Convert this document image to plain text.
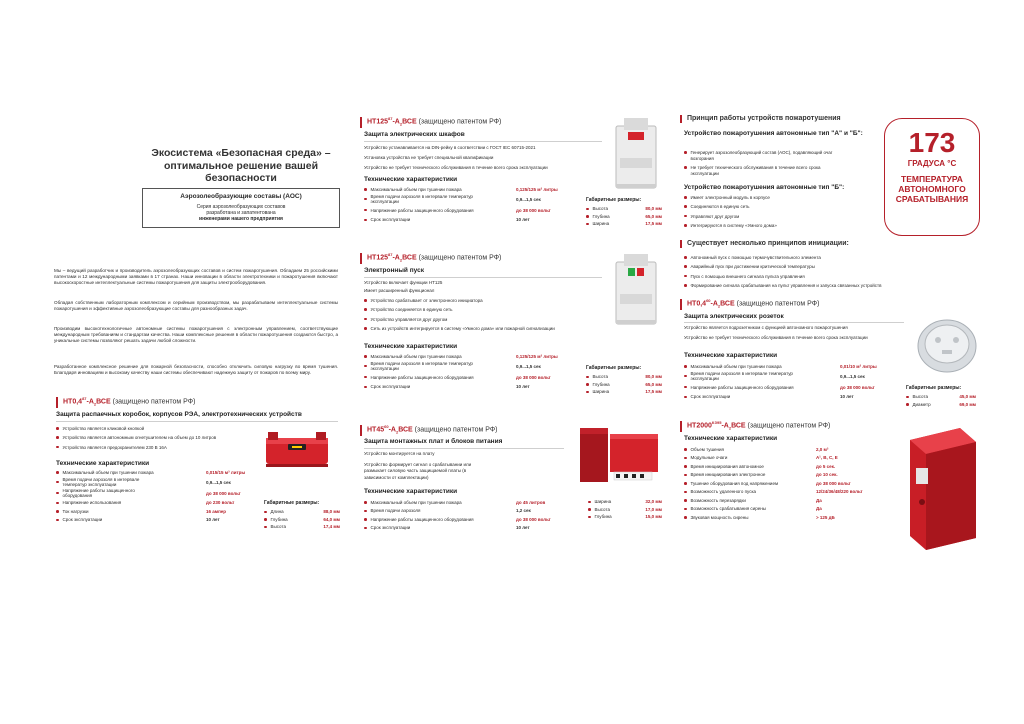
Экосистема «Безопасная среда» – оптимальное решение вашей безопасности
Аэрозолеобразующие составы (АОС)
Серия аэрозолеобразующих составов
разработана и запатентована
инженерами нашего предприятия
Мы – ведущий разработчик и производитель аэрозолеобразующих составов и систем пожаротушения. Обладаем 25 российскими патентами и 12 международными заявками в 17 странах. Наши инновации в области электротехники и пожаротушения включают высокоскоростные интеллектуальные системы пожаротушения для защиты электрооборудования.
Обладая собственным лабораторным комплексом и серийным производством, мы разрабатываем интеллектуальные системы пожаротушения и эффективные аэрозолеобразующие составы для разнообразных задач.
Производим высокотехнологичные автономные системы пожаротушения с электронным управлением, соответствующие международным требованиям и стандартам качества. Наши комплексные решения в области пожаротушения создаются быстро, а уникальные системы позволяют решать задачи любой сложности.
Разработанное комплексное решение для пожарной безопасности, способно отключить силовую нагрузку во время тушения. Благодаря инновациям и высокому качеству наши системы обеспечивают надежную защиту от пожаров по всему миру.
$НТ0,4^{87}-А_2ВСЕ$ (защищено патентом РФ)
Защита распаечных коробок, корпусов РЭА, электротехнических устройств
Устройство является кликовой кнопкой
Устройство является автономным огнетушителем на объем до 10 литров
Устройство является предохранителем 230 В 16А
Технические характеристики
Максимальный объем при тушении пожара	0,015/15 м³ литры
Время подачи аэрозоля в интервале температур эксплуатации	0,9...1,5 сек
Напряжение работы защищенного оборудования	до 38 000 вольт
Напряжение использования	до 230 вольт
Ток нагрузки	16 ампер
Срок эксплуатации	10 лет
Габаритные размеры:
Длина	88,0 мм
Глубина	64,0 мм
Высота	17,4 мм
$НТ125^{87}-А_2ВСЕ$ (защищено патентом РФ)
Защита электрических шкафов
Устройство устанавливается на DIN-рейку в соответствии с ГОСТ IEC 60715-2021
Установка устройства не требует специальной квалификации
Устройство не требует технического обслуживания в течение всего срока эксплуатации
Технические характеристики
Максимальный объем при тушении пожара	0,125/125 м³ литры
Время подачи аэрозоля в интервале температур эксплуатации	0,9...1,5 сек
Напряжение работы защищенного оборудования	до 38 000 вольт
Срок эксплуатации	10 лет
Габаритные размеры:
Высота	80,0 мм
Глубина	65,0 мм
Ширина	17,5 мм
$НТ125^{87}-А_2ВСЕ$ (защищено патентом РФ)
Электронный пуск
Устройство включает функции НТ125
Имеет расширенный функционал
Устройство срабатывает от электронного инициатора
Устройство соединяется в единую сеть
Устройство управляется друг другом
Сеть из устройств интегрируется в систему «Умного дома» или пожарной сигнализации
Технические характеристики
Максимальный объем при тушении пожара	0,125/125 м³ литры
Время подачи аэрозоля в интервале температур эксплуатации	0,9...1,5 сек
Напряжение работы защищенного оборудования	до 38 000 вольт
Срок эксплуатации	10 лет
Габаритные размеры:
Высота	80,0 мм
Глубина	65,0 мм
Ширина	17,5 мм
$НТ45^{60}-А_2ВСЕ$ (защищено патентом РФ)
Защита монтажных плат и блоков питания
Устройство монтируется на плату
Устройство формирует сигнал о срабатывании или размыкает силовую часть защищаемой платы (в зависимости от комплектации)
Технические характеристики
Максимальный объем при тушении пожара	до 45 литров
Время подачи аэрозоля	1,2 сек
Напряжение работы защищенного оборудования	до 38 000 вольт
Срок эксплуатации	10 лет
Ширина	32,0 мм
Высота	17,0 мм
Глубина	15,0 мм
Принцип работы устройств пожаротушения
Устройство пожаротушения автономные тип "А" и "Б":
Генерирует аэрозолеобразующий состав (АОС), подавляющий очаг возгорания
Не требует технического обслуживания в течение всего срока эксплуатации
Устройство пожаротушения автономные тип "Б":
Имеет электронный модуль в корпусе
Соединяются в единую сеть
Управляют друг другом
Интегрируются в систему «Умного дома»
173
ГРАДУСА °С
ТЕМПЕРАТУРА
АВТОНОМНОГО
СРАБАТЫВАНИЯ
Существует несколько принципов инициации:
Автономный пуск с помощью термочувствительного элемента
Аварийный пуск при достижении критической температуры
Пуск с помощью внешнего сигнала пульта управления
Формирование сигнала срабатывания на пульт управления и запуска связанных устройств
$НТ0,4^{60}-А_2ВСЕ$ (защищено патентом РФ)
Защита электрических розеток
Устройство является подрозетником с функцией автономного пожаротушения
Устройство не требует технического обслуживания в течение всего срока эксплуатации
Технические характеристики
Максимальный объем при тушении пожара	0,01/10 м³ литры
Время подачи аэрозоля в интервале температур эксплуатации	0,9...1,5 сек
Напряжение работы защищенного оборудования	до 38 000 вольт
Срок эксплуатации	10 лет
Габаритные размеры:
Высота	45,0 мм
Диаметр	69,0 мм
$НТ2000^{КЗ95}-А_2ВСЕ$ (защищено патентом РФ)
Технические характеристики
Объем тушения	2,0 м³
Модульные очаги	A¹, B, C, E
Время инициирования автономное	до 5 сек.
Время инициирования электронное	до 10 сек.
Тушение оборудования под напряжением	до 38 000 вольт
Возможность удаленного пуска	12/24/36/48/220 вольт
Возможность перезарядки	Да
Возможность срабатывания сирены	Да
Звуковая мощность сирены	> 125 дБ
